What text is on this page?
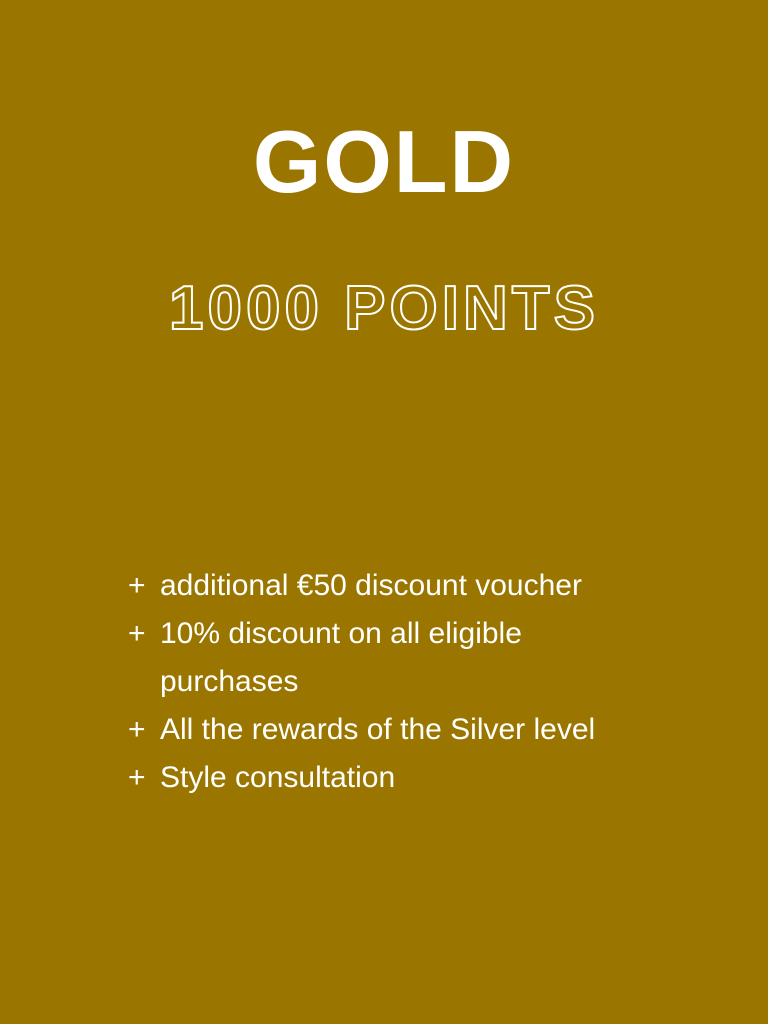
GOLD
1000 POINTS
+ additional €50 discount voucher
+ 10% discount on all eligible purchases
+ All the rewards of the Silver level
+ Style consultation
